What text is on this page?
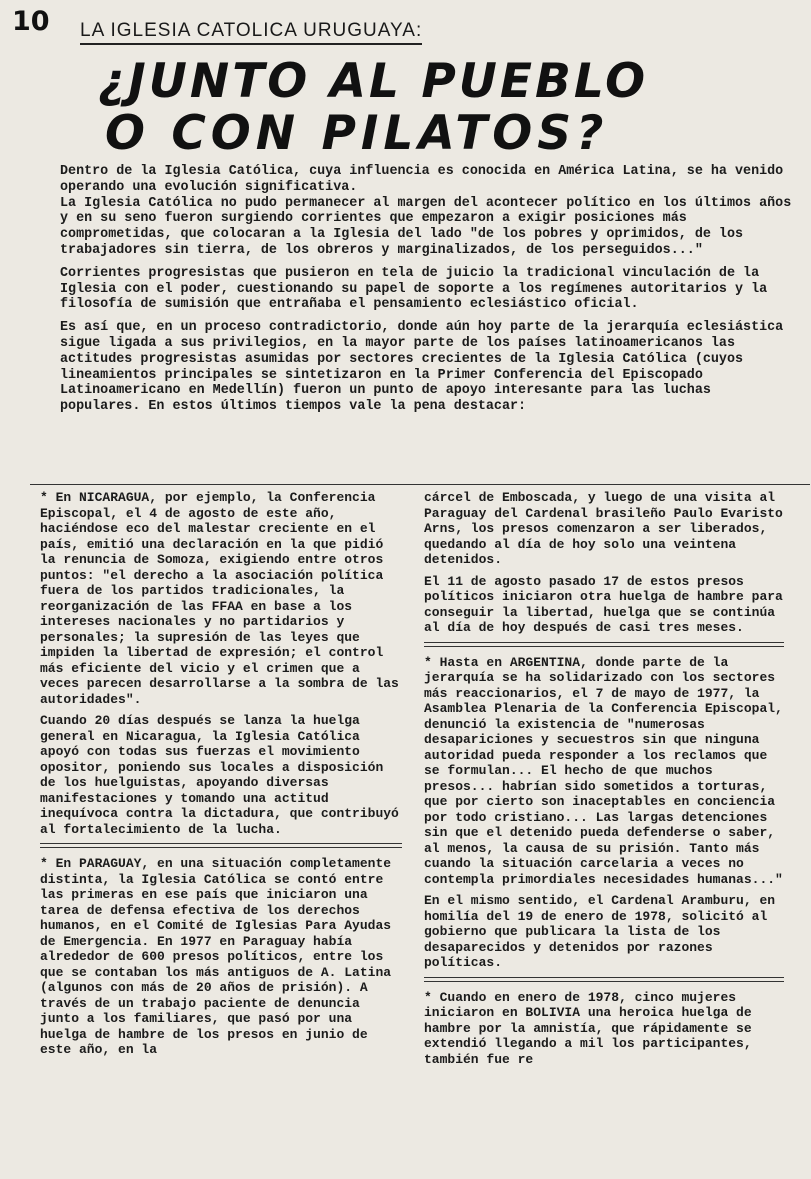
10 LA IGLESIA CATOLICA URUGUAYA:
¿JUNTO AL PUEBLO
O CON PILATOS?

Dentro de la Iglesia Católica, cuya influencia es conocida en América Latina, se ha venido operando una evolución significativa.

La Iglesia Católica no pudo permanecer al margen del acontecer político en los últimos años y en su seno fueron surgiendo corrientes que empezaron a exigir posiciones más comprometidas, que colocaran a la Iglesia del lado "de los pobres y oprimidos, de los trabajadores sin tierra, de los obreros y marginalizados, de los perseguidos..."

Corrientes progresistas que pusieron en tela de juicio la tradicional vinculación de la Iglesia con el poder, cuestionando su papel de soporte a los regímenes autoritarios y la filosofía de sumisión que entrañaba el pensamiento eclesiástico oficial.

Es así que, en un proceso contradictorio, donde aún hoy parte de la jerarquía eclesiástica sigue ligada a sus privilegios, en la mayor parte de los países latinoamericanos las actitudes progresistas asumidas por sectores crecientes de la Iglesia Católica (cuyos lineamientos principales se sintetizaron en la Primer Conferencia del Episcopado Latinoamericano en Medellín) fueron un punto de apoyo interesante para las luchas populares. En estos últimos tiempos vale la pena destacar:

* En NICARAGUA, por ejemplo, la Conferencia Episcopal, el 4 de agosto de este año, haciéndose eco del malestar creciente en el país, emitió una declaración en la que pidió la renuncia de Somoza, exigiendo entre otros puntos: "el derecho a la asociación política fuera de los partidos tradicionales, la reorganización de las FFAA en base a los intereses nacionales y no partidarios y personales; la supresión de las leyes que impiden la libertad de expresión; el control más eficiente del vicio y el crimen que a veces parecen desarrollarse a la sombra de las autoridades".

Cuando 20 días después se lanza la huelga general en Nicaragua, la Iglesia Católica apoyó con todas sus fuerzas el movimiento opositor, poniendo sus locales a disposición de los huelguistas, apoyando diversas manifestaciones y tomando una actitud inequívoca contra la dictadura, que contribuyó al fortalecimiento de la lucha.

* En PARAGUAY, en una situación completamente distinta, la Iglesia Católica se contó entre las primeras en ese país que iniciaron una tarea de defensa efectiva de los derechos humanos, en el Comité de Iglesias Para Ayudas de Emergencia. En 1977 en Paraguay había alrededor de 600 presos políticos, entre los que se contaban los más antiguos de A. Latina (algunos con más de 20 años de prisión). A través de un trabajo paciente de denuncia junto a los familiares, que pasó por una huelga de hambre de los presos en junio de este año, en la

cárcel de Emboscada, y luego de una visita al Paraguay del Cardenal brasileño Paulo Evaristo Arns, los presos comenzaron a ser liberados, quedando al día de hoy solo una veintena detenidos.

El 11 de agosto pasado 17 de estos presos políticos iniciaron otra huelga de hambre para conseguir la libertad, huelga que se continúa al día de hoy después de casi tres meses.

* Hasta en ARGENTINA, donde parte de la jerarquía se ha solidarizado con los sectores más reaccionarios, el 7 de mayo de 1977, la Asamblea Plenaria de la Conferencia Episcopal, denunció la existencia de "numerosas desapariciones y secuestros sin que ninguna autoridad pueda responder a los reclamos que se formulan... El hecho de que muchos presos... habrían sido sometidos a torturas, que por cierto son inaceptables en conciencia por todo cristiano... Las largas detenciones sin que el detenido pueda defenderse o saber, al menos, la causa de su prisión. Tanto más cuando la situación carcelaria a veces no contempla primordiales necesidades humanas..."

En el mismo sentido, el Cardenal Aramburu, en homilía del 19 de enero de 1978, solicitó al gobierno que publicara la lista de los desaparecidos y detenidos por razones políticas.

* Cuando en enero de 1978, cinco mujeres iniciaron en BOLIVIA una heroica huelga de hambre por la amnistía, que rápidamente se extendió llegando a mil los participantes, también fue re
